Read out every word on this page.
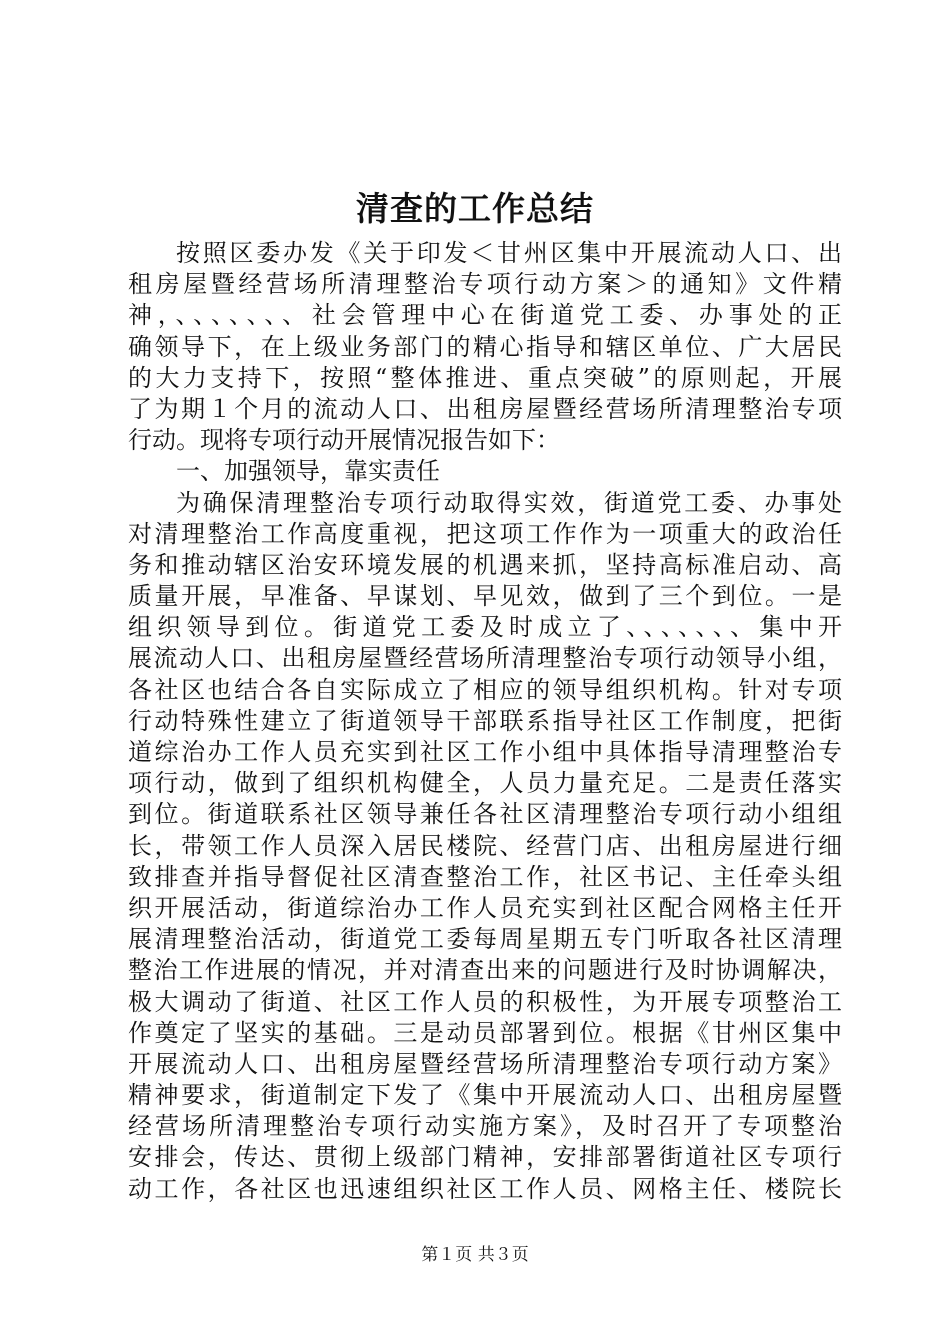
清查的工作总结
按照区委办发《关于印发＜甘州区集中开展流动人口、出
租房屋暨经营场所清理整治专项行动方案＞的通知》文件精
神，、、、、、、、社会管理中心在街道党工委、办事处的正
确领导下，在上级业务部门的精心指导和辖区单位、广大居民
的大力支持下，按照“整体推进、重点突破”的原则起，开展
了为期１个月的流动人口、出租房屋暨经营场所清理整治专项
行动。现将专项行动开展情况报告如下：
一、加强领导，靠实责任
为确保清理整治专项行动取得实效，街道党工委、办事处
对清理整治工作高度重视，把这项工作作为一项重大的政治任
务和推动辖区治安环境发展的机遇来抓，坚持高标准启动、高
质量开展，早准备、早谋划、早见效，做到了三个到位。一是
组织领导到位。街道党工委及时成立了、、、、、、、集中开
展流动人口、出租房屋暨经营场所清理整治专项行动领导小组，
各社区也结合各自实际成立了相应的领导组织机构。针对专项
行动特殊性建立了街道领导干部联系指导社区工作制度，把街
道综治办工作人员充实到社区工作小组中具体指导清理整治专
项行动，做到了组织机构健全，人员力量充足。二是责任落实
到位。街道联系社区领导兼任各社区清理整治专项行动小组组
长，带领工作人员深入居民楼院、经营门店、出租房屋进行细
致排查并指导督促社区清查整治工作，社区书记、主任牵头组
织开展活动，街道综治办工作人员充实到社区配合网格主任开
展清理整治活动，街道党工委每周星期五专门听取各社区清理
整治工作进展的情况，并对清查出来的问题进行及时协调解决，
极大调动了街道、社区工作人员的积极性，为开展专项整治工
作奠定了坚实的基础。三是动员部署到位。根据《甘州区集中
开展流动人口、出租房屋暨经营场所清理整治专项行动方案》
精神要求，街道制定下发了《集中开展流动人口、出租房屋暨
经营场所清理整治专项行动实施方案》，及时召开了专项整治
安排会，传达、贯彻上级部门精神，安排部署街道社区专项行
动工作，各社区也迅速组织社区工作人员、网格主任、楼院长
第１页 共３页
